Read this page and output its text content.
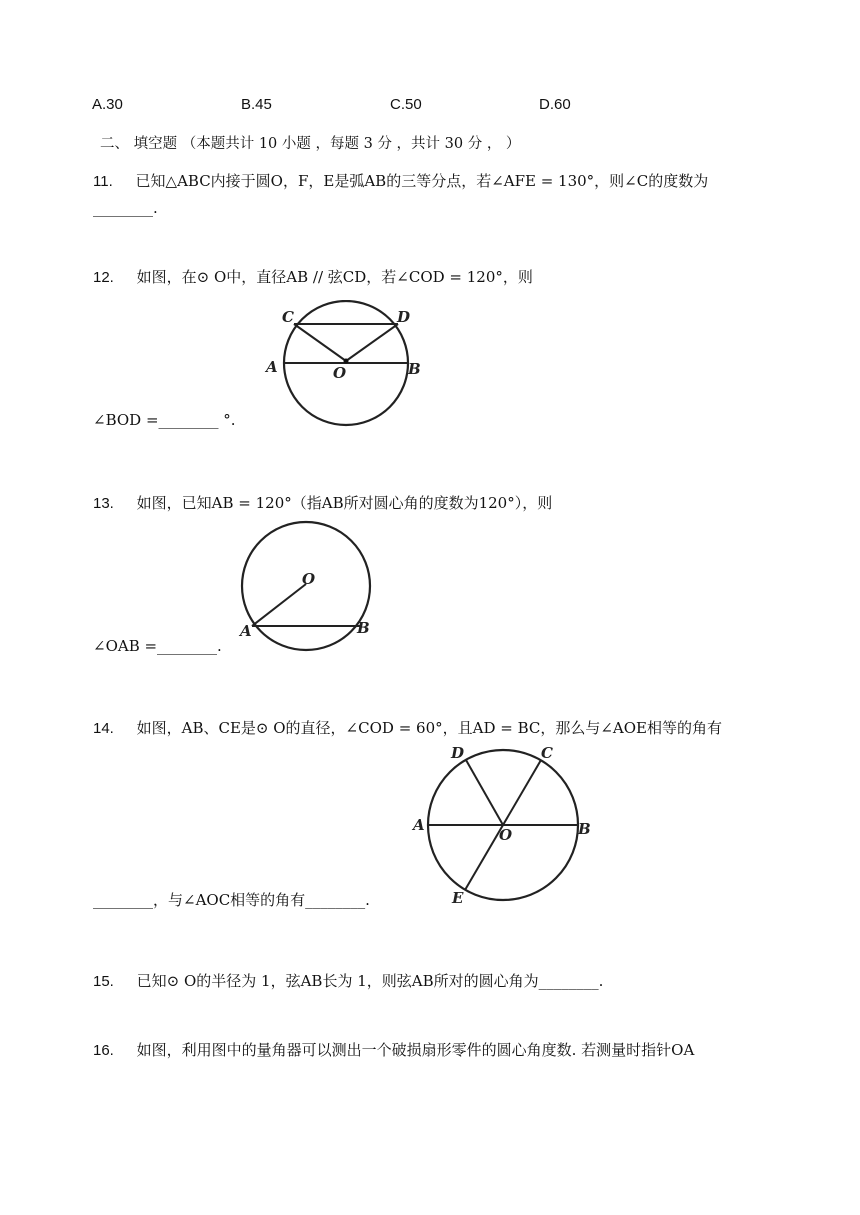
A.30	B.45	C.50	D.60
二、 填空题 （本题共计 10 小题 ，每题 3 分 ，共计 30 分 ， ）
11. 已知△ABC内接于圆O，F，E是弧AB的三等分点，若∠AFE = 130°，则∠C的度数为
________.
12. 如图，在⊙ O中，直径AB // 弦CD，若∠COD = 120°，则
C	D
A	O	B
∠BOD =________ °.
13. 如图，已知AB = 120°（指AB所对圆心角的度数为120°），则
O
A	B
∠OAB =________.
14. 如图，AB、CE是⊙ O的直径，∠COD = 60°，且AD = BC，那么与∠AOE相等的角有
D	C
A
O	B
E
________，与∠AOC相等的角有________.
15. 已知⊙ O的半径为 1，弦AB长为 1，则弦AB所对的圆心角为________.
16. 如图，利用图中的量角器可以测出一个破损扇形零件的圆心角度数. 若测量时指针OA
